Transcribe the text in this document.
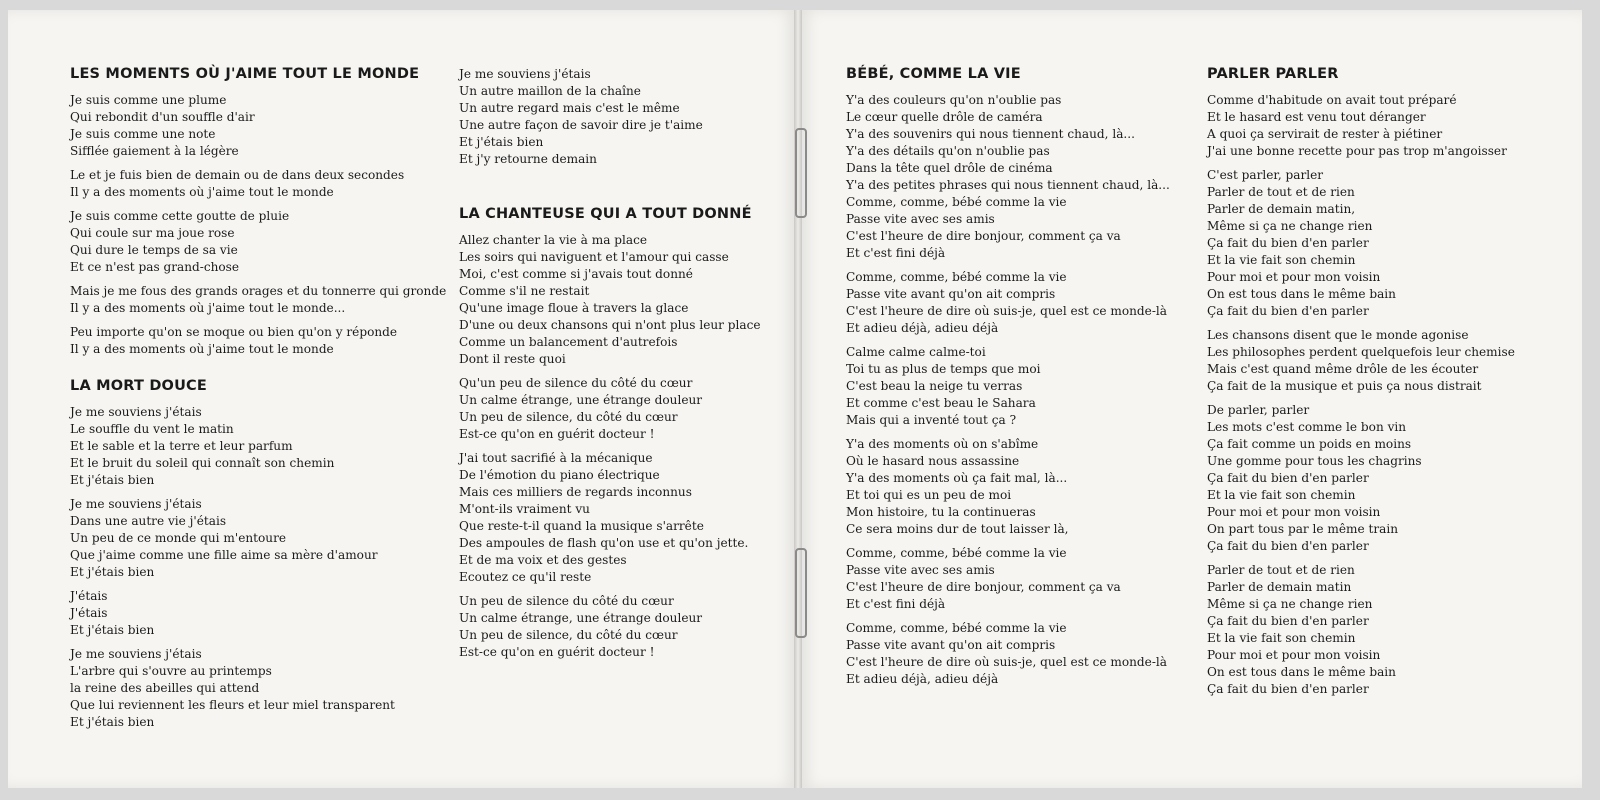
LES MOMENTS OÙ J'AIME TOUT LE MONDE
Je suis comme une plume
Qui rebondit d'un souffle d'air
Je suis comme une note
Sifflée gaiement à la légère
Le et je fuis bien de demain ou de dans deux secondes
Il y a des moments où j'aime tout le monde
Je suis comme cette goutte de pluie
Qui coule sur ma joue rose
Qui dure le temps de sa vie
Et ce n'est pas grand-chose
Mais je me fous des grands orages et du tonnerre qui gronde
Il y a des moments où j'aime tout le monde...
Peu importe qu'on se moque ou bien qu'on y réponde
Il y a des moments où j'aime tout le monde
LA MORT DOUCE
Je me souviens j'étais
Le souffle du vent le matin
Et le sable et la terre et leur parfum
Et le bruit du soleil qui connaît son chemin
Et j'étais bien
Je me souviens j'étais
Dans une autre vie j'étais
Un peu de ce monde qui m'entoure
Que j'aime comme une fille aime sa mère d'amour
Et j'étais bien
J'étais
J'étais
Et j'étais bien
Je me souviens j'étais
L'arbre qui s'ouvre au printemps
la reine des abeilles qui attend
Que lui reviennent les fleurs et leur miel transparent
Et j'étais bien
Je me souviens j'étais
Un autre maillon de la chaîne
Un autre regard mais c'est le même
Une autre façon de savoir dire je t'aime
Et j'étais bien
Et j'y retourne demain
LA CHANTEUSE QUI A TOUT DONNÉ
Allez chanter la vie à ma place
Les soirs qui naviguent et l'amour qui casse
Moi, c'est comme si j'avais tout donné
Comme s'il ne restait
Qu'une image floue à travers la glace
D'une ou deux chansons qui n'ont plus leur place
Comme un balancement d'autrefois
Dont il reste quoi
Qu'un peu de silence du côté du cœur
Un calme étrange, une étrange douleur
Un peu de silence, du côté du cœur
Est-ce qu'on en guérit docteur !
J'ai tout sacrifié à la mécanique
De l'émotion du piano électrique
Mais ces milliers de regards inconnus
M'ont-ils vraiment vu
Que reste-t-il quand la musique s'arrête
Des ampoules de flash qu'on use et qu'on jette.
Et de ma voix et des gestes
Ecoutez ce qu'il reste
Un peu de silence du côté du cœur
Un calme étrange, une étrange douleur
Un peu de silence, du côté du cœur
Est-ce qu'on en guérit docteur !
BÉBÉ, COMME LA VIE
Y'a des couleurs qu'on n'oublie pas
Le cœur quelle drôle de caméra
Y'a des souvenirs qui nous tiennent chaud, là...
Y'a des détails qu'on n'oublie pas
Dans la tête quel drôle de cinéma
Y'a des petites phrases qui nous tiennent chaud, là...
Comme, comme, bébé comme la vie
Passe vite avec ses amis
C'est l'heure de dire bonjour, comment ça va
Et c'est fini déjà
Comme, comme, bébé comme la vie
Passe vite avant qu'on ait compris
C'est l'heure de dire où suis-je, quel est ce monde-là
Et adieu déjà, adieu déjà
Calme calme calme-toi
Toi tu as plus de temps que moi
C'est beau la neige tu verras
Et comme c'est beau le Sahara
Mais qui a inventé tout ça ?
Y'a des moments où on s'abîme
Où le hasard nous assassine
Y'a des moments où ça fait mal, là...
Et toi qui es un peu de moi
Mon histoire, tu la continueras
Ce sera moins dur de tout laisser là,
Comme, comme, bébé comme la vie
Passe vite avec ses amis
C'est l'heure de dire bonjour, comment ça va
Et c'est fini déjà
Comme, comme, bébé comme la vie
Passe vite avant qu'on ait compris
C'est l'heure de dire où suis-je, quel est ce monde-là
Et adieu déjà, adieu déjà
PARLER PARLER
Comme d'habitude on avait tout préparé
Et le hasard est venu tout déranger
A quoi ça servirait de rester à piétiner
J'ai une bonne recette pour pas trop m'angoisser
C'est parler, parler
Parler de tout et de rien
Parler de demain matin,
Même si ça ne change rien
Ça fait du bien d'en parler
Et la vie fait son chemin
Pour moi et pour mon voisin
On est tous dans le même bain
Ça fait du bien d'en parler
Les chansons disent que le monde agonise
Les philosophes perdent quelquefois leur chemise
Mais c'est quand même drôle de les écouter
Ça fait de la musique et puis ça nous distrait
De parler, parler
Les mots c'est comme le bon vin
Ça fait comme un poids en moins
Une gomme pour tous les chagrins
Ça fait du bien d'en parler
Et la vie fait son chemin
Pour moi et pour mon voisin
On part tous par le même train
Ça fait du bien d'en parler
Parler de tout et de rien
Parler de demain matin
Même si ça ne change rien
Ça fait du bien d'en parler
Et la vie fait son chemin
Pour moi et pour mon voisin
On est tous dans le même bain
Ça fait du bien d'en parler
